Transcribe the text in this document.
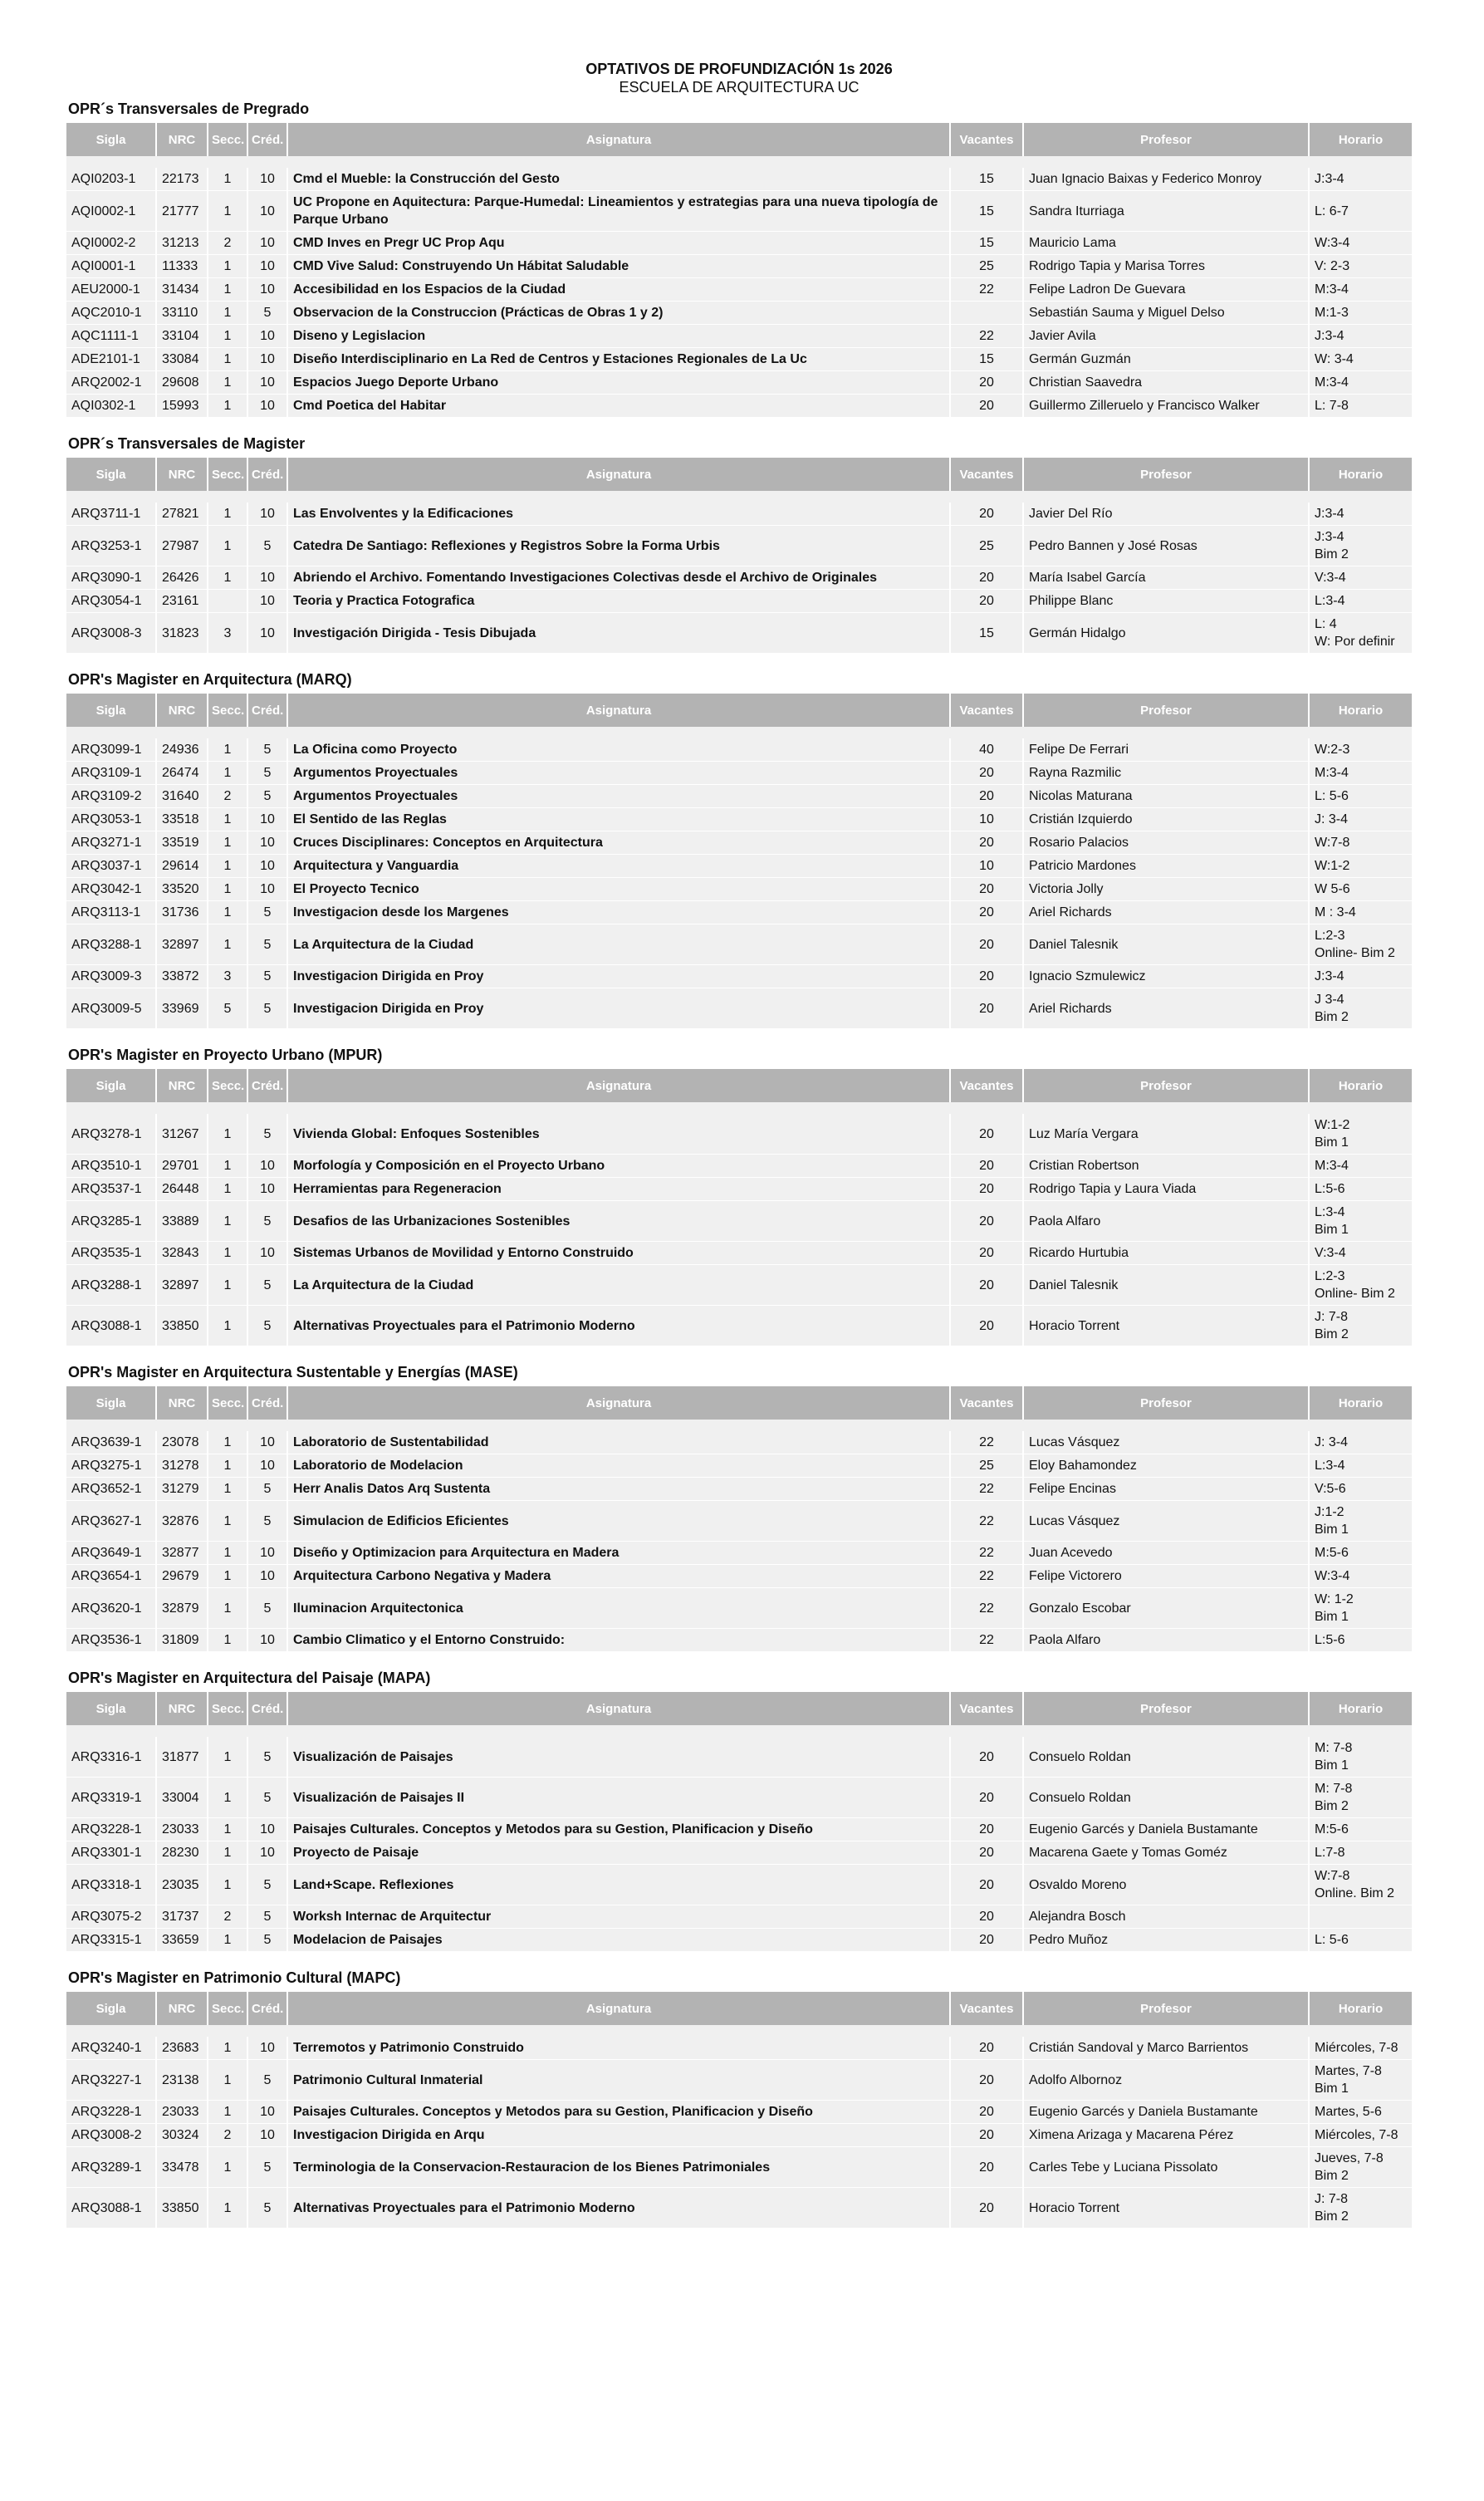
OPTATIVOS DE PROFUNDIZACIÓN 1s 2026
ESCUELA DE ARQUITECTURA UC
OPR´s Transversales de Pregrado
Sigla	NRC	Secc.	Créd.	Asignatura	Vacantes	Profesor	Horario

AQI0203-1	22173	1	10	Cmd el Mueble: la Construcción del Gesto	15	Juan Ignacio Baixas y Federico Monroy	J:3-4
AQI0002-1	21777	1	10	UC Propone en Aquitectura: Parque-Humedal: Lineamientos y estrategias para una nueva tipología de Parque Urbano	15	Sandra Iturriaga	L: 6-7
AQI0002-2	31213	2	10	CMD Inves en Pregr UC Prop Aqu	15	Mauricio Lama	W:3-4
AQI0001-1	11333	1	10	CMD Vive Salud: Construyendo Un Hábitat Saludable	25	Rodrigo Tapia y Marisa Torres	V: 2-3
AEU2000-1	31434	1	10	Accesibilidad en los Espacios de la Ciudad	22	Felipe Ladron De Guevara	M:3-4
AQC2010-1	33110	1	5	Observacion de la Construccion (Prácticas de Obras 1 y 2)		Sebastián Sauma y Miguel Delso	M:1-3
AQC1111-1	33104	1	10	Diseno y Legislacion	22	Javier Avila	J:3-4
ADE2101-1	33084	1	10	Diseño Interdisciplinario en La Red de Centros y Estaciones Regionales de La Uc	15	Germán Guzmán	W: 3-4
ARQ2002-1	29608	1	10	Espacios Juego Deporte Urbano	20	Christian Saavedra	M:3-4
AQI0302-1	15993	1	10	Cmd Poetica del Habitar	20	Guillermo Zilleruelo y Francisco Walker	L: 7-8
OPR´s Transversales de Magister
Sigla	NRC	Secc.	Créd.	Asignatura	Vacantes	Profesor	Horario

ARQ3711-1	27821	1	10	Las Envolventes y la Edificaciones	20	Javier Del Río	J:3-4
ARQ3253-1	27987	1	5	Catedra De Santiago: Reflexiones y Registros Sobre la Forma Urbis	25	Pedro Bannen y José Rosas	J:3-4
Bim 2
ARQ3090-1	26426	1	10	Abriendo el Archivo. Fomentando Investigaciones Colectivas desde el Archivo de Originales	20	María Isabel García	V:3-4
ARQ3054-1	23161		10	Teoria y Practica Fotografica	20	Philippe Blanc	L:3-4
ARQ3008-3	31823	3	10	Investigación Dirigida - Tesis Dibujada	15	Germán Hidalgo	L: 4
W: Por definir
OPR's Magister en Arquitectura (MARQ)
Sigla	NRC	Secc.	Créd.	Asignatura	Vacantes	Profesor	Horario

ARQ3099-1	24936	1	5	La Oficina como Proyecto	40	Felipe De Ferrari	W:2-3
ARQ3109-1	26474	1	5	Argumentos Proyectuales	20	Rayna Razmilic	M:3-4
ARQ3109-2	31640	2	5	Argumentos Proyectuales	20	Nicolas Maturana	L: 5-6
ARQ3053-1	33518	1	10	El Sentido de las Reglas	10	Cristián Izquierdo	J: 3-4
ARQ3271-1	33519	1	10	Cruces Disciplinares: Conceptos en Arquitectura	20	Rosario Palacios	W:7-8
ARQ3037-1	29614	1	10	Arquitectura y Vanguardia	10	Patricio Mardones	W:1-2
ARQ3042-1	33520	1	10	El Proyecto Tecnico	20	Victoria Jolly	W 5-6
ARQ3113-1	31736	1	5	Investigacion desde los Margenes	20	Ariel Richards	M : 3-4
ARQ3288-1	32897	1	5	La Arquitectura de la Ciudad	20	Daniel Talesnik	L:2-3
Online- Bim 2
ARQ3009-3	33872	3	5	Investigacion Dirigida en Proy	20	Ignacio Szmulewicz	J:3-4
ARQ3009-5	33969	5	5	Investigacion Dirigida en Proy	20	Ariel Richards	J 3-4
Bim 2
OPR's Magister en Proyecto Urbano (MPUR)
Sigla	NRC	Secc.	Créd.	Asignatura	Vacantes	Profesor	Horario

ARQ3278-1	31267	1	5	Vivienda Global: Enfoques Sostenibles	20	Luz María Vergara	W:1-2
Bim 1
ARQ3510-1	29701	1	10	Morfología y Composición en el Proyecto Urbano	20	Cristian Robertson	M:3-4
ARQ3537-1	26448	1	10	Herramientas para Regeneracion	20	Rodrigo Tapia y Laura Viada	L:5-6
ARQ3285-1	33889	1	5	Desafios de las Urbanizaciones Sostenibles	20	Paola Alfaro	L:3-4
Bim 1
ARQ3535-1	32843	1	10	Sistemas Urbanos de Movilidad y Entorno Construido	20	Ricardo Hurtubia	V:3-4
ARQ3288-1	32897	1	5	La Arquitectura de la Ciudad	20	Daniel Talesnik	L:2-3
Online- Bim 2
ARQ3088-1	33850	1	5	Alternativas Proyectuales para el Patrimonio Moderno	20	Horacio Torrent	J: 7-8
Bim 2
OPR's Magister en Arquitectura Sustentable y Energías (MASE)
Sigla	NRC	Secc.	Créd.	Asignatura	Vacantes	Profesor	Horario

ARQ3639-1	23078	1	10	Laboratorio de Sustentabilidad	22	Lucas Vásquez	J: 3-4
ARQ3275-1	31278	1	10	Laboratorio de Modelacion	25	Eloy Bahamondez	L:3-4
ARQ3652-1	31279	1	5	Herr Analis Datos Arq Sustenta	22	Felipe Encinas	V:5-6
ARQ3627-1	32876	1	5	Simulacion de Edificios Eficientes	22	Lucas Vásquez	J:1-2
Bim 1
ARQ3649-1	32877	1	10	Diseño y Optimizacion para Arquitectura en Madera	22	Juan Acevedo	M:5-6
ARQ3654-1	29679	1	10	Arquitectura Carbono Negativa y Madera	22	Felipe Victorero	W:3-4
ARQ3620-1	32879	1	5	Iluminacion Arquitectonica	22	Gonzalo Escobar	W: 1-2
Bim 1
ARQ3536-1	31809	1	10	Cambio Climatico y el Entorno Construido:	22	Paola Alfaro	L:5-6
OPR's Magister en Arquitectura del Paisaje (MAPA)
Sigla	NRC	Secc.	Créd.	Asignatura	Vacantes	Profesor	Horario

ARQ3316-1	31877	1	5	Visualización de Paisajes	20	Consuelo Roldan	M: 7-8
Bim 1
ARQ3319-1	33004	1	5	Visualización de Paisajes II	20	Consuelo Roldan	M: 7-8
Bim 2
ARQ3228-1	23033	1	10	Paisajes Culturales. Conceptos y Metodos para su Gestion, Planificacion y Diseño	20	Eugenio Garcés y Daniela Bustamante	M:5-6
ARQ3301-1	28230	1	10	Proyecto de Paisaje	20	Macarena Gaete y Tomas Goméz	L:7-8
ARQ3318-1	23035	1	5	Land+Scape. Reflexiones	20	Osvaldo Moreno	W:7-8
Online. Bim 2
ARQ3075-2	31737	2	5	Worksh Internac de Arquitectur	20	Alejandra Bosch	
ARQ3315-1	33659	1	5	Modelacion de Paisajes	20	Pedro Muñoz	L: 5-6
OPR's Magister en Patrimonio Cultural (MAPC)
Sigla	NRC	Secc.	Créd.	Asignatura	Vacantes	Profesor	Horario

ARQ3240-1	23683	1	10	Terremotos y Patrimonio Construido	20	Cristián Sandoval y Marco Barrientos	Miércoles, 7-8
ARQ3227-1	23138	1	5	Patrimonio Cultural Inmaterial	20	Adolfo Albornoz	Martes, 7-8
Bim 1
ARQ3228-1	23033	1	10	Paisajes Culturales. Conceptos y Metodos para su Gestion, Planificacion y Diseño	20	Eugenio Garcés y Daniela Bustamante	Martes, 5-6
ARQ3008-2	30324	2	10	Investigacion Dirigida en Arqu	20	Ximena Arizaga y Macarena Pérez	Miércoles, 7-8
ARQ3289-1	33478	1	5	Terminologia de la Conservacion-Restauracion de los Bienes Patrimoniales	20	Carles Tebe y Luciana Pissolato	Jueves, 7-8
Bim 2
ARQ3088-1	33850	1	5	Alternativas Proyectuales para el Patrimonio Moderno	20	Horacio Torrent	J: 7-8
Bim 2
